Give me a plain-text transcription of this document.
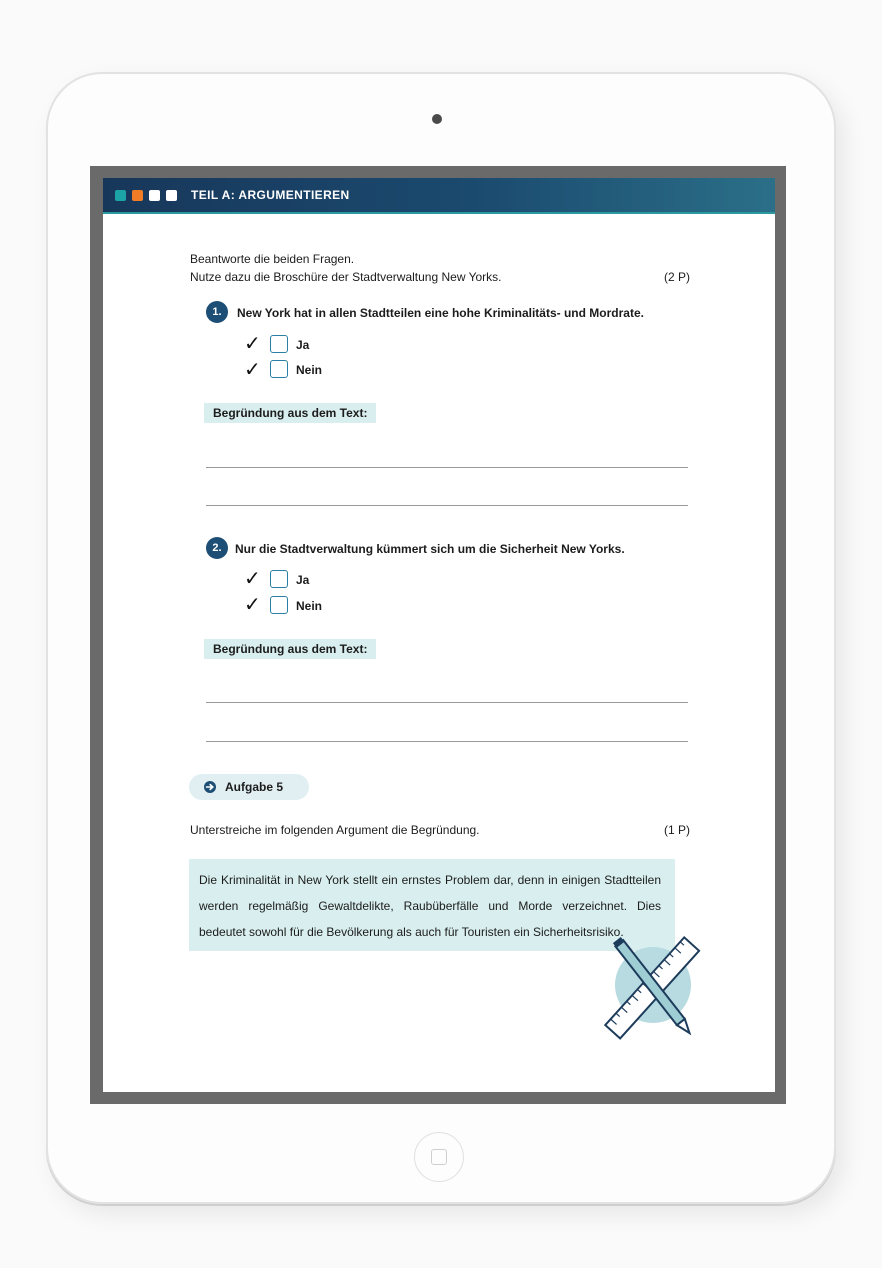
TEIL A: ARGUMENTIEREN
Beantworte die beiden Fragen.
Nutze dazu die Broschüre der Stadtverwaltung New Yorks.	(2 P)
1.	New York hat in allen Stadtteilen eine hohe Kriminalitäts- und Mordrate.
✓	Ja
✓	Nein
Begründung aus dem Text:
2.	Nur die Stadtverwaltung kümmert sich um die Sicherheit New Yorks.
✓	Ja
✓	Nein
Begründung aus dem Text:
Aufgabe 5
Unterstreiche im folgenden Argument die Begründung.	(1 P)
Die Kriminalität in New York stellt ein ernstes Problem dar, denn in einigen Stadtteilen werden regelmäßig Gewaltdelikte, Raubüberfälle und Morde verzeichnet. Dies bedeutet sowohl für die Bevölkerung als auch für Touristen ein Sicherheitsrisiko.
